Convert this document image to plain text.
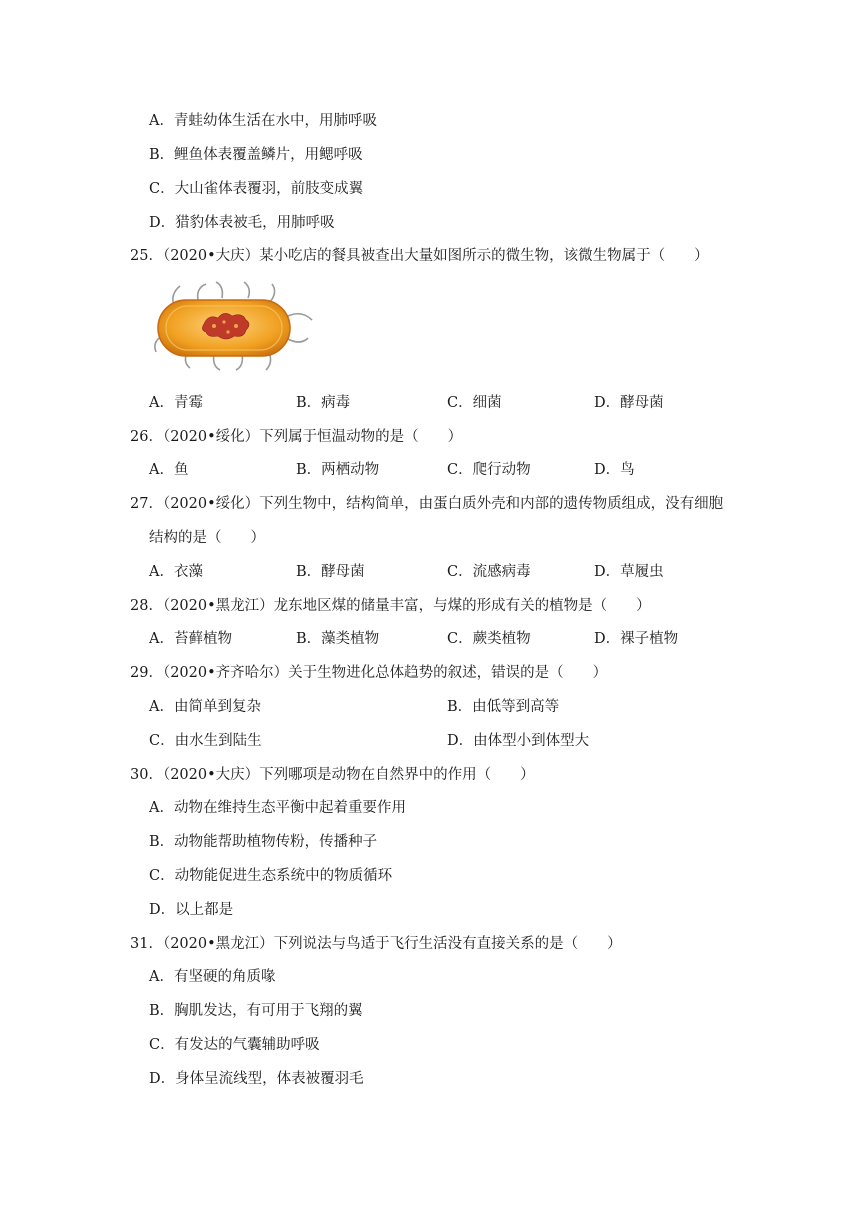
A．青蛙幼体生活在水中，用肺呼吸
B．鲤鱼体表覆盖鳞片，用鳃呼吸
C．大山雀体表覆羽，前肢变成翼
D．猎豹体表被毛，用肺呼吸
25．（2020•大庆）某小吃店的餐具被查出大量如图所示的微生物，该微生物属于（　　）
A．青霉	B．病毒	C．细菌	D．酵母菌
26．（2020•绥化）下列属于恒温动物的是（　　）
A．鱼	B．两栖动物	C．爬行动物	D．鸟
27．（2020•绥化）下列生物中，结构简单，由蛋白质外壳和内部的遗传物质组成，没有细胞
结构的是（　　）
A．衣藻	B．酵母菌	C．流感病毒	D．草履虫
28．（2020•黑龙江）龙东地区煤的储量丰富，与煤的形成有关的植物是（　　）
A．苔藓植物	B．藻类植物	C．蕨类植物	D．裸子植物
29．（2020•齐齐哈尔）关于生物进化总体趋势的叙述，错误的是（　　）
A．由简单到复杂	B．由低等到高等
C．由水生到陆生	D．由体型小到体型大
30．（2020•大庆）下列哪项是动物在自然界中的作用（　　）
A．动物在维持生态平衡中起着重要作用
B．动物能帮助植物传粉，传播种子
C．动物能促进生态系统中的物质循环
D．以上都是
31．（2020•黑龙江）下列说法与鸟适于飞行生活没有直接关系的是（　　）
A．有坚硬的角质喙
B．胸肌发达，有可用于飞翔的翼
C．有发达的气囊辅助呼吸
D．身体呈流线型，体表被覆羽毛
